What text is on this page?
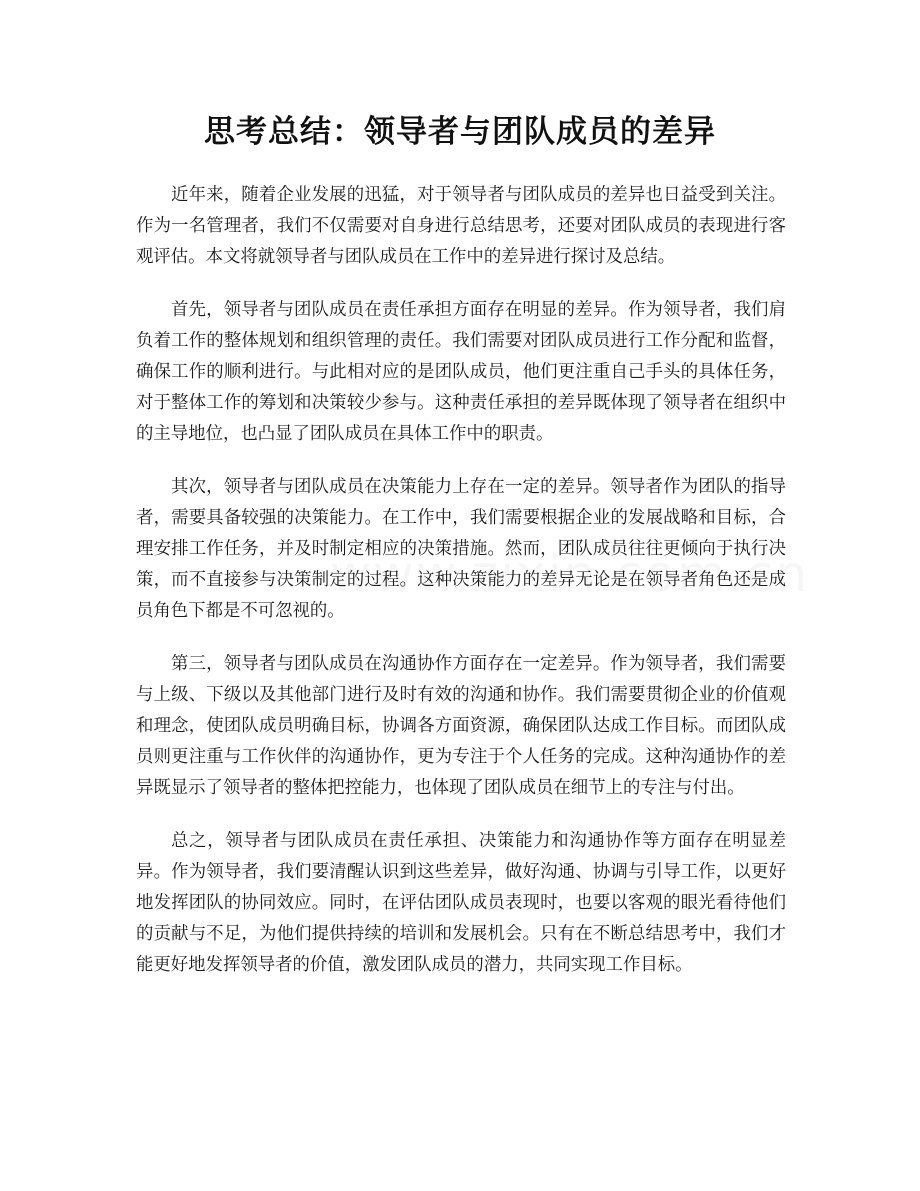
思考总结：领导者与团队成员的差异

近年来，随着企业发展的迅猛，对于领导者与团队成员的差异也日益受到关注。作为一名管理者，我们不仅需要对自身进行总结思考，还要对团队成员的表现进行客观评估。本文将就领导者与团队成员在工作中的差异进行探讨及总结。

首先，领导者与团队成员在责任承担方面存在明显的差异。作为领导者，我们肩负着工作的整体规划和组织管理的责任。我们需要对团队成员进行工作分配和监督，确保工作的顺利进行。与此相对应的是团队成员，他们更注重自己手头的具体任务，对于整体工作的筹划和决策较少参与。这种责任承担的差异既体现了领导者在组织中的主导地位，也凸显了团队成员在具体工作中的职责。

其次，领导者与团队成员在决策能力上存在一定的差异。领导者作为团队的指导者，需要具备较强的决策能力。在工作中，我们需要根据企业的发展战略和目标，合理安排工作任务，并及时制定相应的决策措施。然而，团队成员往往更倾向于执行决策，而不直接参与决策制定的过程。这种决策能力的差异无论是在领导者角色还是成员角色下都是不可忽视的。

第三，领导者与团队成员在沟通协作方面存在一定差异。作为领导者，我们需要与上级、下级以及其他部门进行及时有效的沟通和协作。我们需要贯彻企业的价值观和理念，使团队成员明确目标，协调各方面资源，确保团队达成工作目标。而团队成员则更注重与工作伙伴的沟通协作，更为专注于个人任务的完成。这种沟通协作的差异既显示了领导者的整体把控能力，也体现了团队成员在细节上的专注与付出。

总之，领导者与团队成员在责任承担、决策能力和沟通协作等方面存在明显差异。作为领导者，我们要清醒认识到这些差异，做好沟通、协调与引导工作，以更好地发挥团队的协同效应。同时，在评估团队成员表现时，也要以客观的眼光看待他们的贡献与不足，为他们提供持续的培训和发展机会。只有在不断总结思考中，我们才能更好地发挥领导者的价值，激发团队成员的潜力，共同实现工作目标。
